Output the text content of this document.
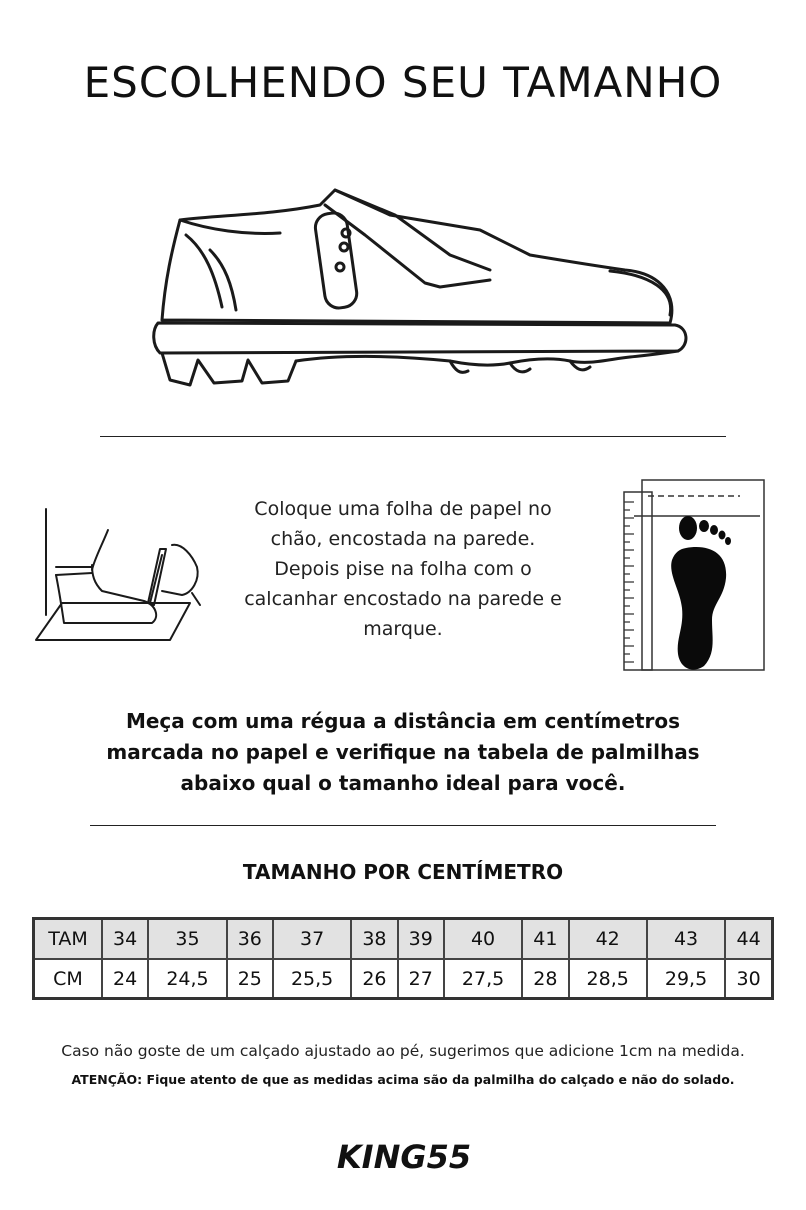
ESCOLHENDO SEU TAMANHO
Coloque uma folha de papel no
chão, encostada na parede.
Depois pise na folha com o
calcanhar encostado na parede e
marque.
Meça com uma régua a distância em centímetros
marcada no papel e verifique na tabela de palmilhas
abaixo qual o tamanho ideal para você.
TAMANHO POR CENTÍMETRO
TAM	34	35	36	37	38	39	40	41	42	43	44
CM	24	24,5	25	25,5	26	27	27,5	28	28,5	29,5	30
Caso não goste de um calçado ajustado ao pé, sugerimos que adicione 1cm na medida.
ATENÇÃO: Fique atento de que as medidas acima são da palmilha do calçado e não do solado.
KING55
